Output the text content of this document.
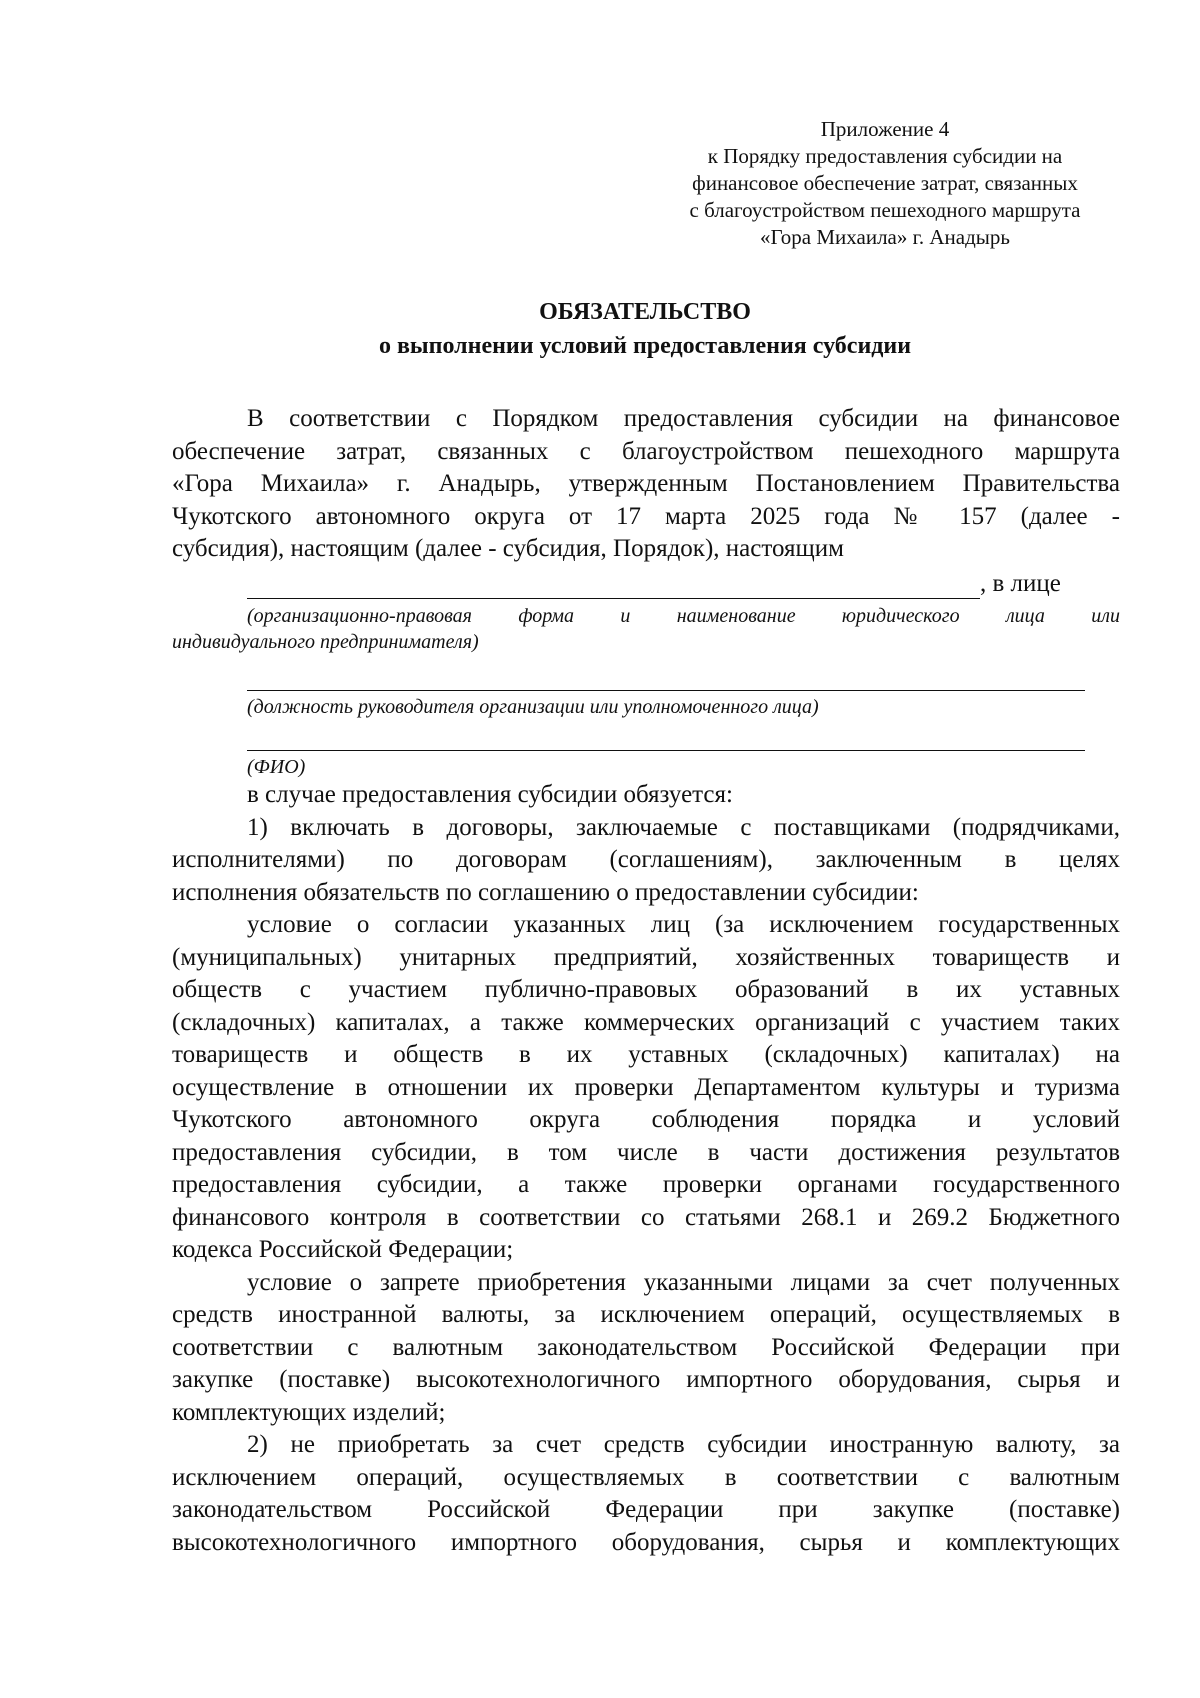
Приложение 4
к Порядку предоставления субсидии на
финансовое обеспечение затрат, связанных
с благоустройством пешеходного маршрута
«Гора Михаила» г. Анадырь
ОБЯЗАТЕЛЬСТВО
о выполнении условий предоставления субсидии
В соответствии с Порядком предоставления субсидии на финансовое
обеспечение затрат, связанных с благоустройством пешеходного маршрута
«Гора Михаила» г. Анадырь, утвержденным Постановлением Правительства
Чукотского автономного округа от 17 марта 2025 года № 157 (далее -
субсидия), настоящим (далее - субсидия, Порядок), настоящим
, в лице
(организационно-правовая форма и наименование юридического лица или
индивидуального предпринимателя)
(должность руководителя организации или уполномоченного лица)
(ФИО)
в случае предоставления субсидии обязуется:
1) включать в договоры, заключаемые с поставщиками (подрядчиками,
исполнителями) по договорам (соглашениям), заключенным в целях
исполнения обязательств по соглашению о предоставлении субсидии:
условие о согласии указанных лиц (за исключением государственных
(муниципальных) унитарных предприятий, хозяйственных товариществ и
обществ с участием публично-правовых образований в их уставных
(складочных) капиталах, а также коммерческих организаций с участием таких
товариществ и обществ в их уставных (складочных) капиталах) на
осуществление в отношении их проверки Департаментом культуры и туризма
Чукотского автономного округа соблюдения порядка и условий
предоставления субсидии, в том числе в части достижения результатов
предоставления субсидии, а также проверки органами государственного
финансового контроля в соответствии со статьями 268.1 и 269.2 Бюджетного
кодекса Российской Федерации;
условие о запрете приобретения указанными лицами за счет полученных
средств иностранной валюты, за исключением операций, осуществляемых в
соответствии с валютным законодательством Российской Федерации при
закупке (поставке) высокотехнологичного импортного оборудования, сырья и
комплектующих изделий;
2) не приобретать за счет средств субсидии иностранную валюту, за
исключением операций, осуществляемых в соответствии с валютным
законодательством Российской Федерации при закупке (поставке)
высокотехнологичного импортного оборудования, сырья и комплектующих
